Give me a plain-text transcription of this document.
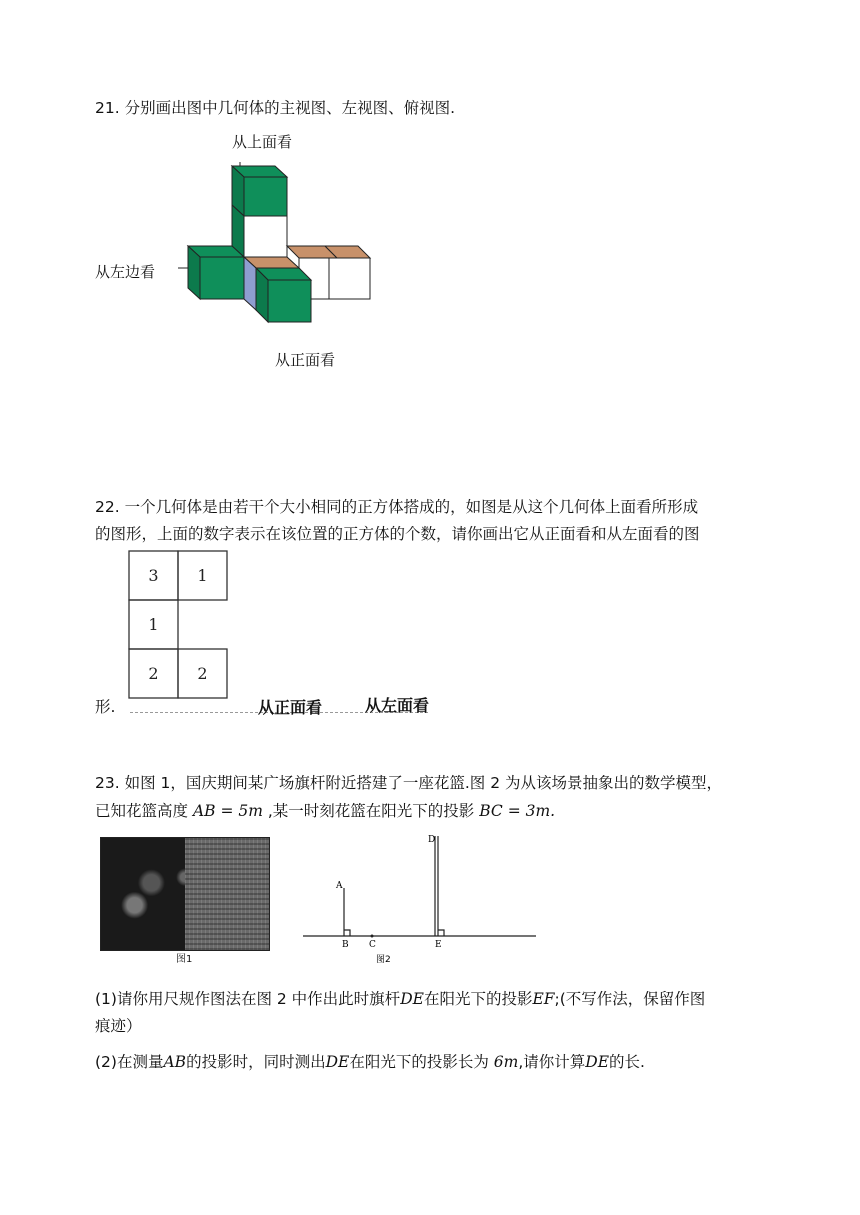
21. 分别画出图中几何体的主视图、左视图、俯视图.
从上面看
从左边看
从正面看
22. 一个几何体是由若干个大小相同的正方体搭成的，如图是从这个几何体上面看所形成
的图形，上面的数字表示在该位置的正方体的个数，请你画出它从正面看和从左面看的图
形.
3	1
1
2	2
从正面看	从左面看
23. 如图 1，国庆期间某广场旗杆附近搭建了一座花篮.图 2 为从该场景抽象出的数学模型，
已知花篮高度 AB = 5m ,某一时刻花篮在阳光下的投影 BC = 3m.
图1
A
B C
D
E
图2
(1)请你用尺规作图法在图 2 中作出此时旗杆DE在阳光下的投影EF;(不写作法，保留作图
痕迹）
(2)在测量AB的投影时，同时测出DE在阳光下的投影长为 6m,请你计算DE的长.
